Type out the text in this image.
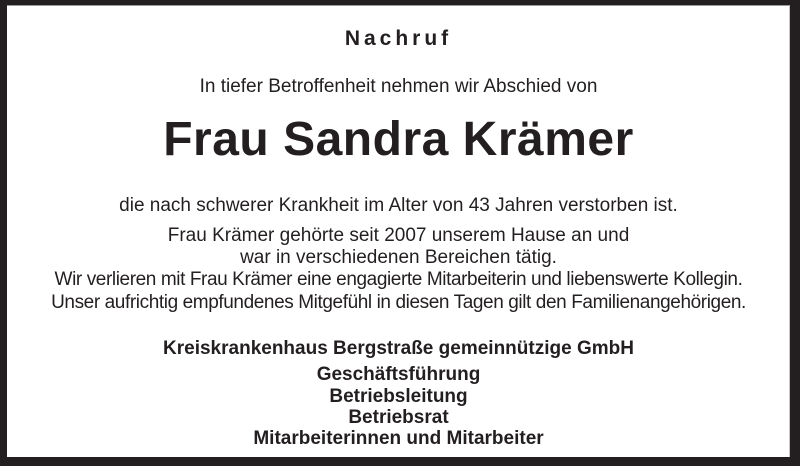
Nachruf
In tiefer Betroffenheit nehmen wir Abschied von
Frau Sandra Krämer
die nach schwerer Krankheit im Alter von 43 Jahren verstorben ist.
Frau Krämer gehörte seit 2007 unserem Hause an und
war in verschiedenen Bereichen tätig.
Wir verlieren mit Frau Krämer eine engagierte Mitarbeiterin und liebenswerte Kollegin.
Unser aufrichtig empfundenes Mitgefühl in diesen Tagen gilt den Familienangehörigen.
Kreiskrankenhaus Bergstraße gemeinnützige GmbH
Geschäftsführung
Betriebsleitung
Betriebsrat
Mitarbeiterinnen und Mitarbeiter
